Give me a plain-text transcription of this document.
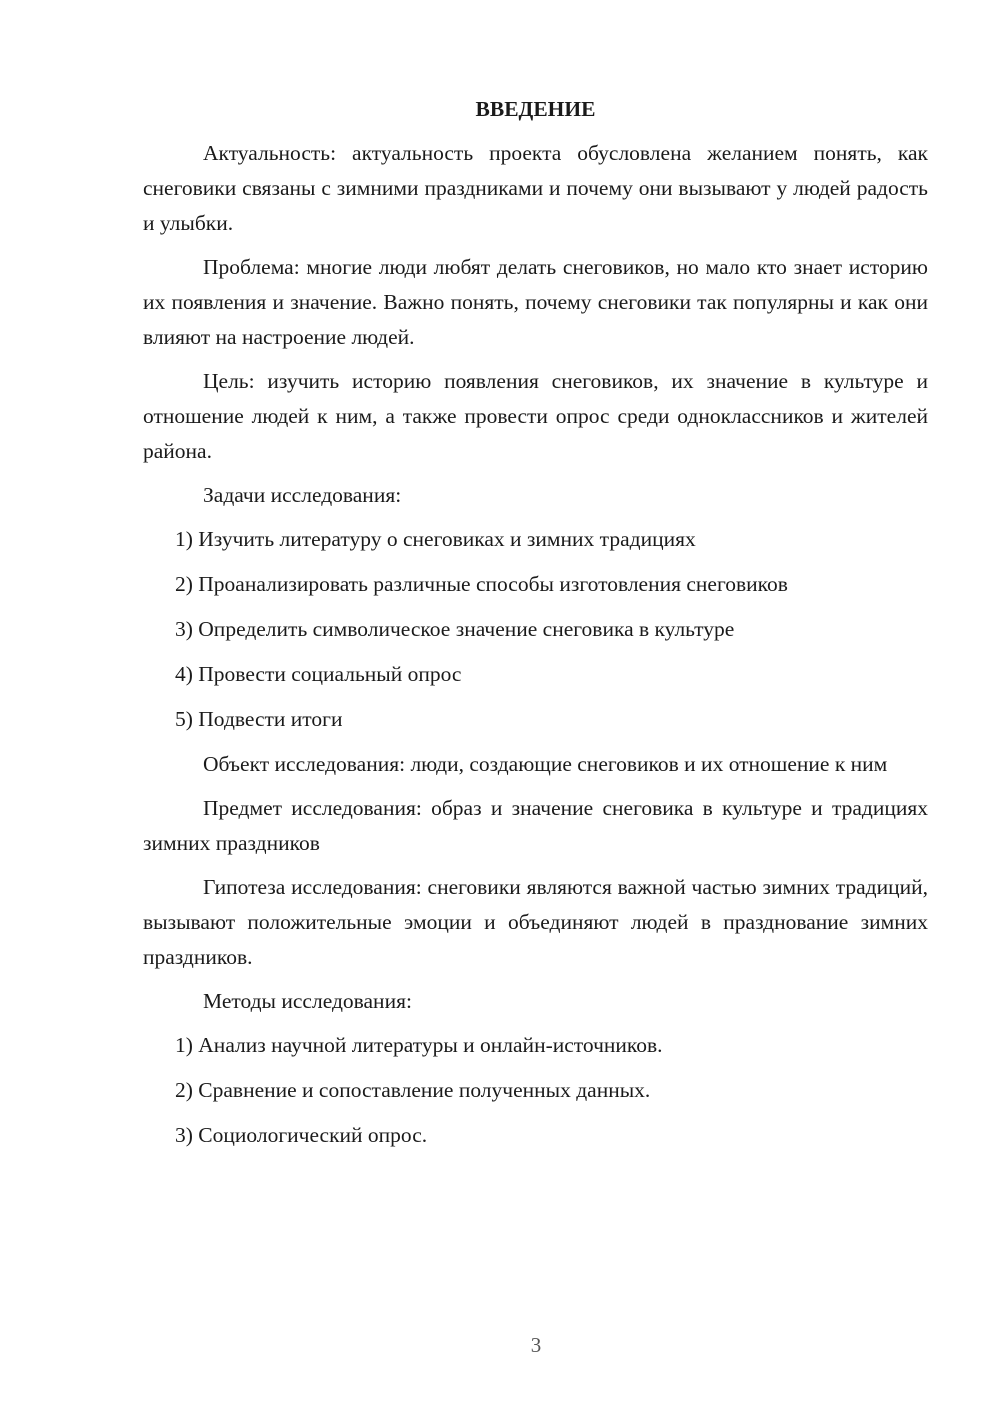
ВВЕДЕНИЕ

Актуальность: актуальность проекта обусловлена желанием понять, как снеговики связаны с зимними праздниками и почему они вызывают у людей радость и улыбки.

Проблема: многие люди любят делать снеговиков, но мало кто знает историю их появления и значение. Важно понять, почему снеговики так популярны и как они влияют на настроение людей.

Цель: изучить историю появления снеговиков, их значение в культуре и отношение людей к ним, а также провести опрос среди одноклассников и жителей района.

Задачи исследования:

1) Изучить литературу о снеговиках и зимних традициях
2) Проанализировать различные способы изготовления снеговиков
3) Определить символическое значение снеговика в культуре
4) Провести социальный опрос
5) Подвести итоги

Объект исследования: люди, создающие снеговиков и их отношение к ним

Предмет исследования: образ и значение снеговика в культуре и традициях зимних праздников

Гипотеза исследования: снеговики являются важной частью зимних традиций, вызывают положительные эмоции и объединяют людей в празднование зимних праздников.

Методы исследования:

1) Анализ научной литературы и онлайн-источников.
2) Сравнение и сопоставление полученных данных.
3) Социологический опрос.
3
